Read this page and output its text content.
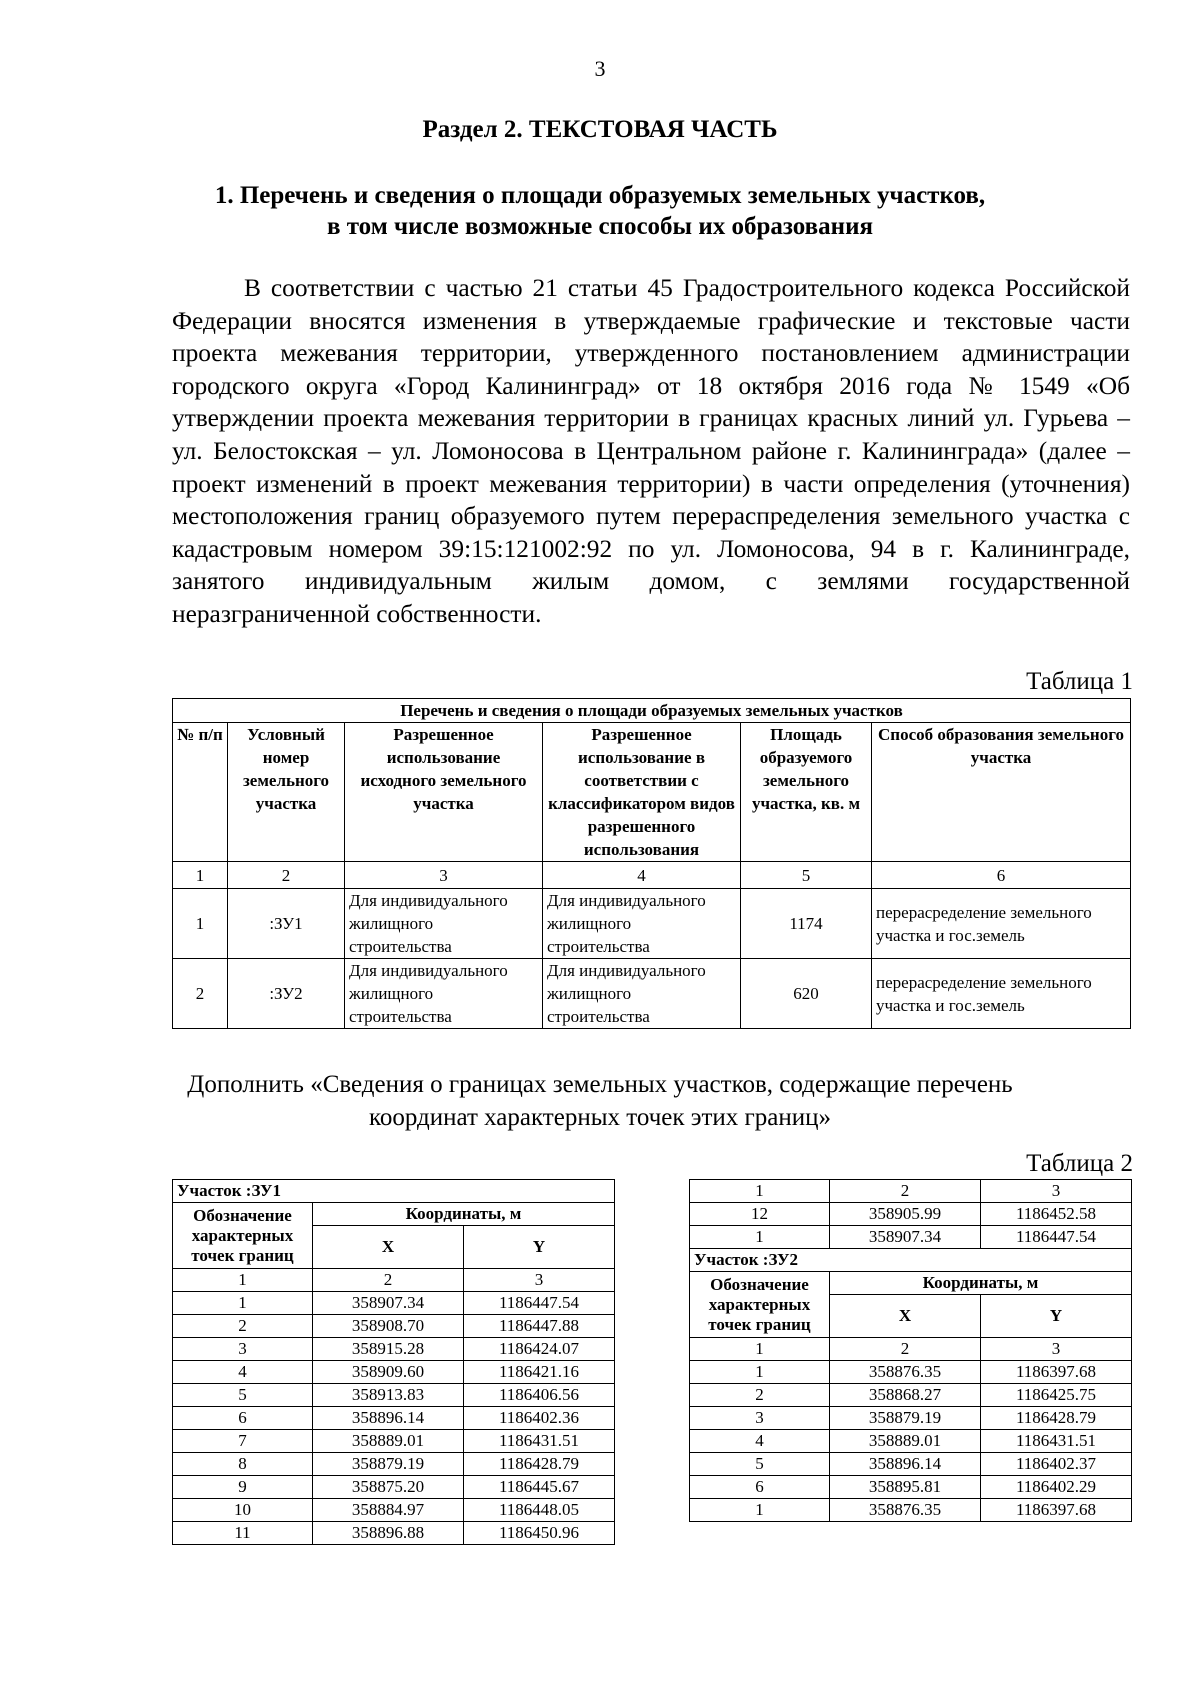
3
Раздел 2. ТЕКСТОВАЯ ЧАСТЬ
1. Перечень и сведения о площади образуемых земельных участков,
в том числе возможные способы их образования
В соответствии с частью 21 статьи 45 Градостроительного кодекса Российской Федерации вносятся изменения в утверждаемые графические и текстовые части проекта межевания территории, утвержденного постановлением администрации городского округа «Город Калининград» от 18 октября 2016 года № 1549 «Об утверждении проекта межевания территории в границах красных линий ул. Гурьева – ул. Белостокская – ул. Ломоносова в Центральном районе г. Калининграда» (далее – проект изменений в проект межевания территории) в части определения (уточнения) местоположения границ образуемого путем перераспределения земельного участка с кадастровым номером 39:15:121002:92 по ул. Ломоносова, 94 в г. Калининграде, занятого индивидуальным жилым домом, с землями государственной неразграниченной собственности.
Таблица 1
Перечень и сведения о площади образуемых земельных участков					
№ п/п	Условный номер земельного участка	Разрешенное использование исходного земельного участка	Разрешенное использование в соответствии с классификатором видов разрешенного использования	Площадь образуемого земельного участка, кв. м	Способ образования земельного участка
1	2	3	4	5	6
1	:ЗУ1	Для индивидуального жилищного строительства	Для индивидуального жилищного строительства	1174	перерасределение земельного участка и гос.земель
2	:ЗУ2	Для индивидуального жилищного строительства	Для индивидуального жилищного строительства	620	перерасределение земельного участка и гос.земель
Дополнить «Сведения о границах земельных участков, содержащие перечень
координат характерных точек этих границ»
Таблица 2
Участок :ЗУ1		
Обозначение характерных точек границ	Координаты, м	
	X	Y
1	2	3
1	358907.34	1186447.54
2	358908.70	1186447.88
3	358915.28	1186424.07
4	358909.60	1186421.16
5	358913.83	1186406.56
6	358896.14	1186402.36
7	358889.01	1186431.51
8	358879.19	1186428.79
9	358875.20	1186445.67
10	358884.97	1186448.05
11	358896.88	1186450.96
1	2	3
12	358905.99	1186452.58
1	358907.34	1186447.54
Участок :ЗУ2		
Обозначение характерных точек границ	Координаты, м	
	X	Y
1	2	3
1	358876.35	1186397.68
2	358868.27	1186425.75
3	358879.19	1186428.79
4	358889.01	1186431.51
5	358896.14	1186402.37
6	358895.81	1186402.29
1	358876.35	1186397.68
